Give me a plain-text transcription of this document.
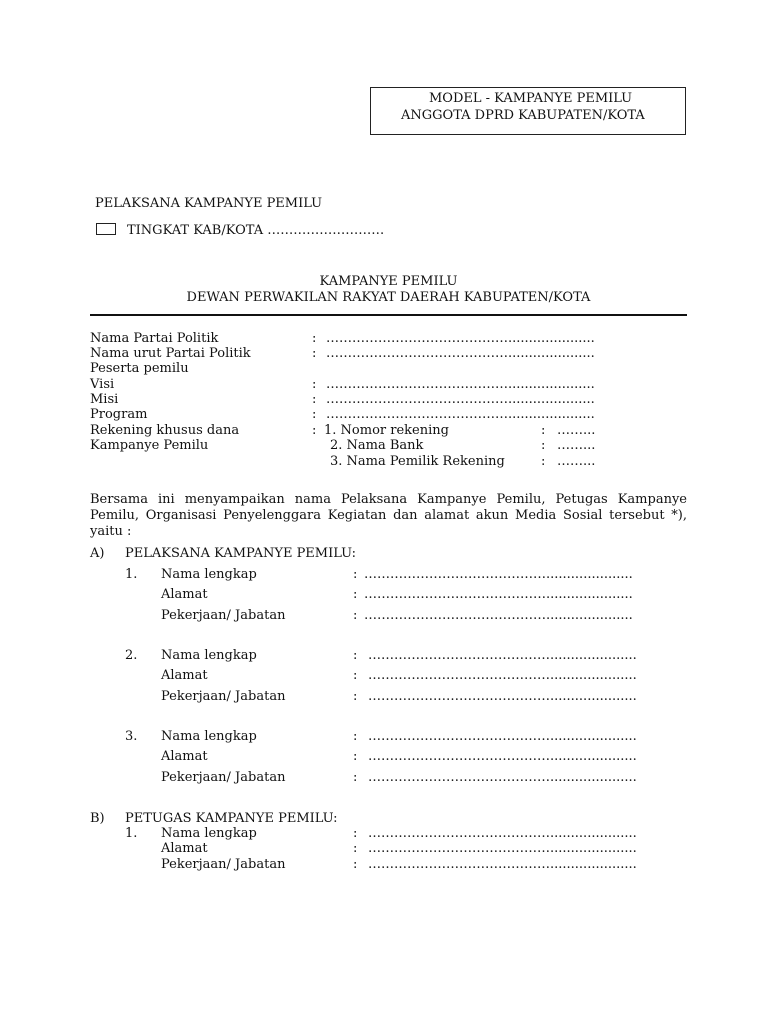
MODEL - KAMPANYE PEMILU
ANGGOTA DPRD KABUPATEN/KOTA
PELAKSANA KAMPANYE PEMILU
TINGKAT KAB/KOTA ………………………
KAMPANYE PEMILU
DEWAN PERWAKILAN RAKYAT DAERAH KABUPATEN/KOTA
Nama Partai Politik	: …………………………………….....................
Nama urut Partai Politik	: …………………………………….....................
Peserta pemilu
Visi	: …………………………………….....................
Misi	: …………………………………….....................
Program	: …………………………………….....................
Rekening khusus dana	: 1. Nomor rekening	: ……...
Kampanye Pemilu	2. Nama Bank	: ……...
3. Nama Pemilik Rekening	: ……...
Bersama ini menyampaikan nama Pelaksana Kampanye Pemilu, Petugas Kampanye Pemilu, Organisasi Penyelenggara Kegiatan dan alamat akun Media Sosial tersebut *), yaitu :
A) PELAKSANA KAMPANYE PEMILU:
1. Nama lengkap	: …………………………………….....................
Alamat	: …………………………………….....................
Pekerjaan/ Jabatan	: …………………………………….....................
2. Nama lengkap	: …………………………………….....................
Alamat	: …………………………………….....................
Pekerjaan/ Jabatan	: …………………………………….....................
3. Nama lengkap	: …………………………………….....................
Alamat	: …………………………………….....................
Pekerjaan/ Jabatan	: …………………………………….....................
B) PETUGAS KAMPANYE PEMILU:
1. Nama lengkap	: …………………………………….....................
Alamat	: …………………………………….....................
Pekerjaan/ Jabatan	: …………………………………….....................
